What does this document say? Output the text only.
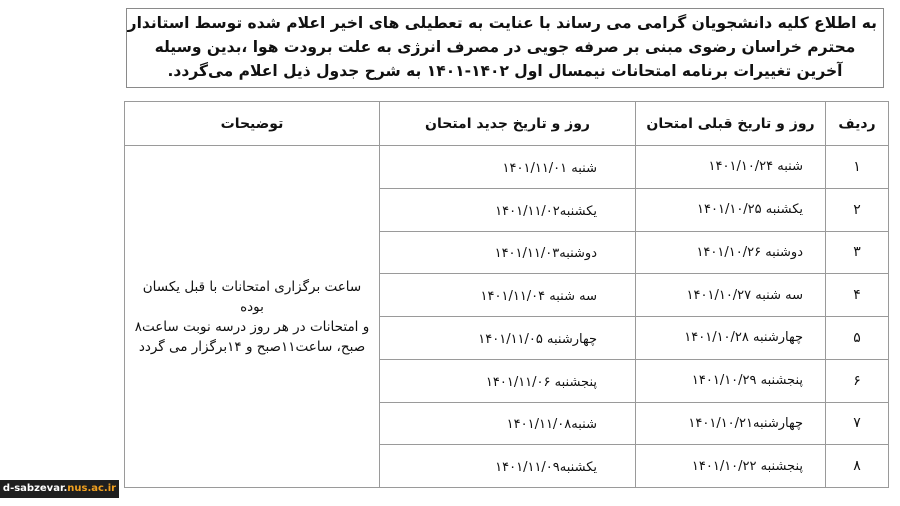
به اطلاع کلیه دانشجویان گرامی می رساند با عنایت به تعطیلی های اخیر اعلام شده توسط استاندار
محترم خراسان رضوی مبنی بر صرفه جویی در مصرف انرژی به علت برودت هوا ،بدین وسیله
آخرین تغییرات برنامه امتحانات نیمسال اول ۱۴۰۲-۱۴۰۱ به شرح جدول ذیل اعلام می‌گردد.
ردیف	روز و تاریخ قبلی امتحان	روز و تاریخ جدید امتحان	توضیحات
۱	شنبه ۱۴۰۱/۱۰/۲۴	شنبه ۱۴۰۱/۱۱/۰۱	ساعت برگزاری امتحانات با قبل یکسان بوده
و امتحانات در هر روز درسه نوبت ساعت۸
صبح، ساعت۱۱صبح و ۱۴برگزار می گردد

۲	یکشنبه ۱۴۰۱/۱۰/۲۵	یکشنبه۱۴۰۱/۱۱/۰۲	
۳	دوشنبه ۱۴۰۱/۱۰/۲۶	دوشنبه۱۴۰۱/۱۱/۰۳	
۴	سه شنبه ۱۴۰۱/۱۰/۲۷	سه شنبه ۱۴۰۱/۱۱/۰۴	
۵	چهارشنبه ۱۴۰۱/۱۰/۲۸	چهارشنبه ۱۴۰۱/۱۱/۰۵	
۶	پنجشنبه ۱۴۰۱/۱۰/۲۹	پنجشنبه ۱۴۰۱/۱۱/۰۶	
۷	چهارشنبه۱۴۰۱/۱۰/۲۱	شنبه۱۴۰۱/۱۱/۰۸	
۸	پنجشنبه ۱۴۰۱/۱۰/۲۲	یکشنبه۱۴۰۱/۱۱/۰۹	
d-sabzevar.nus.ac.ir
